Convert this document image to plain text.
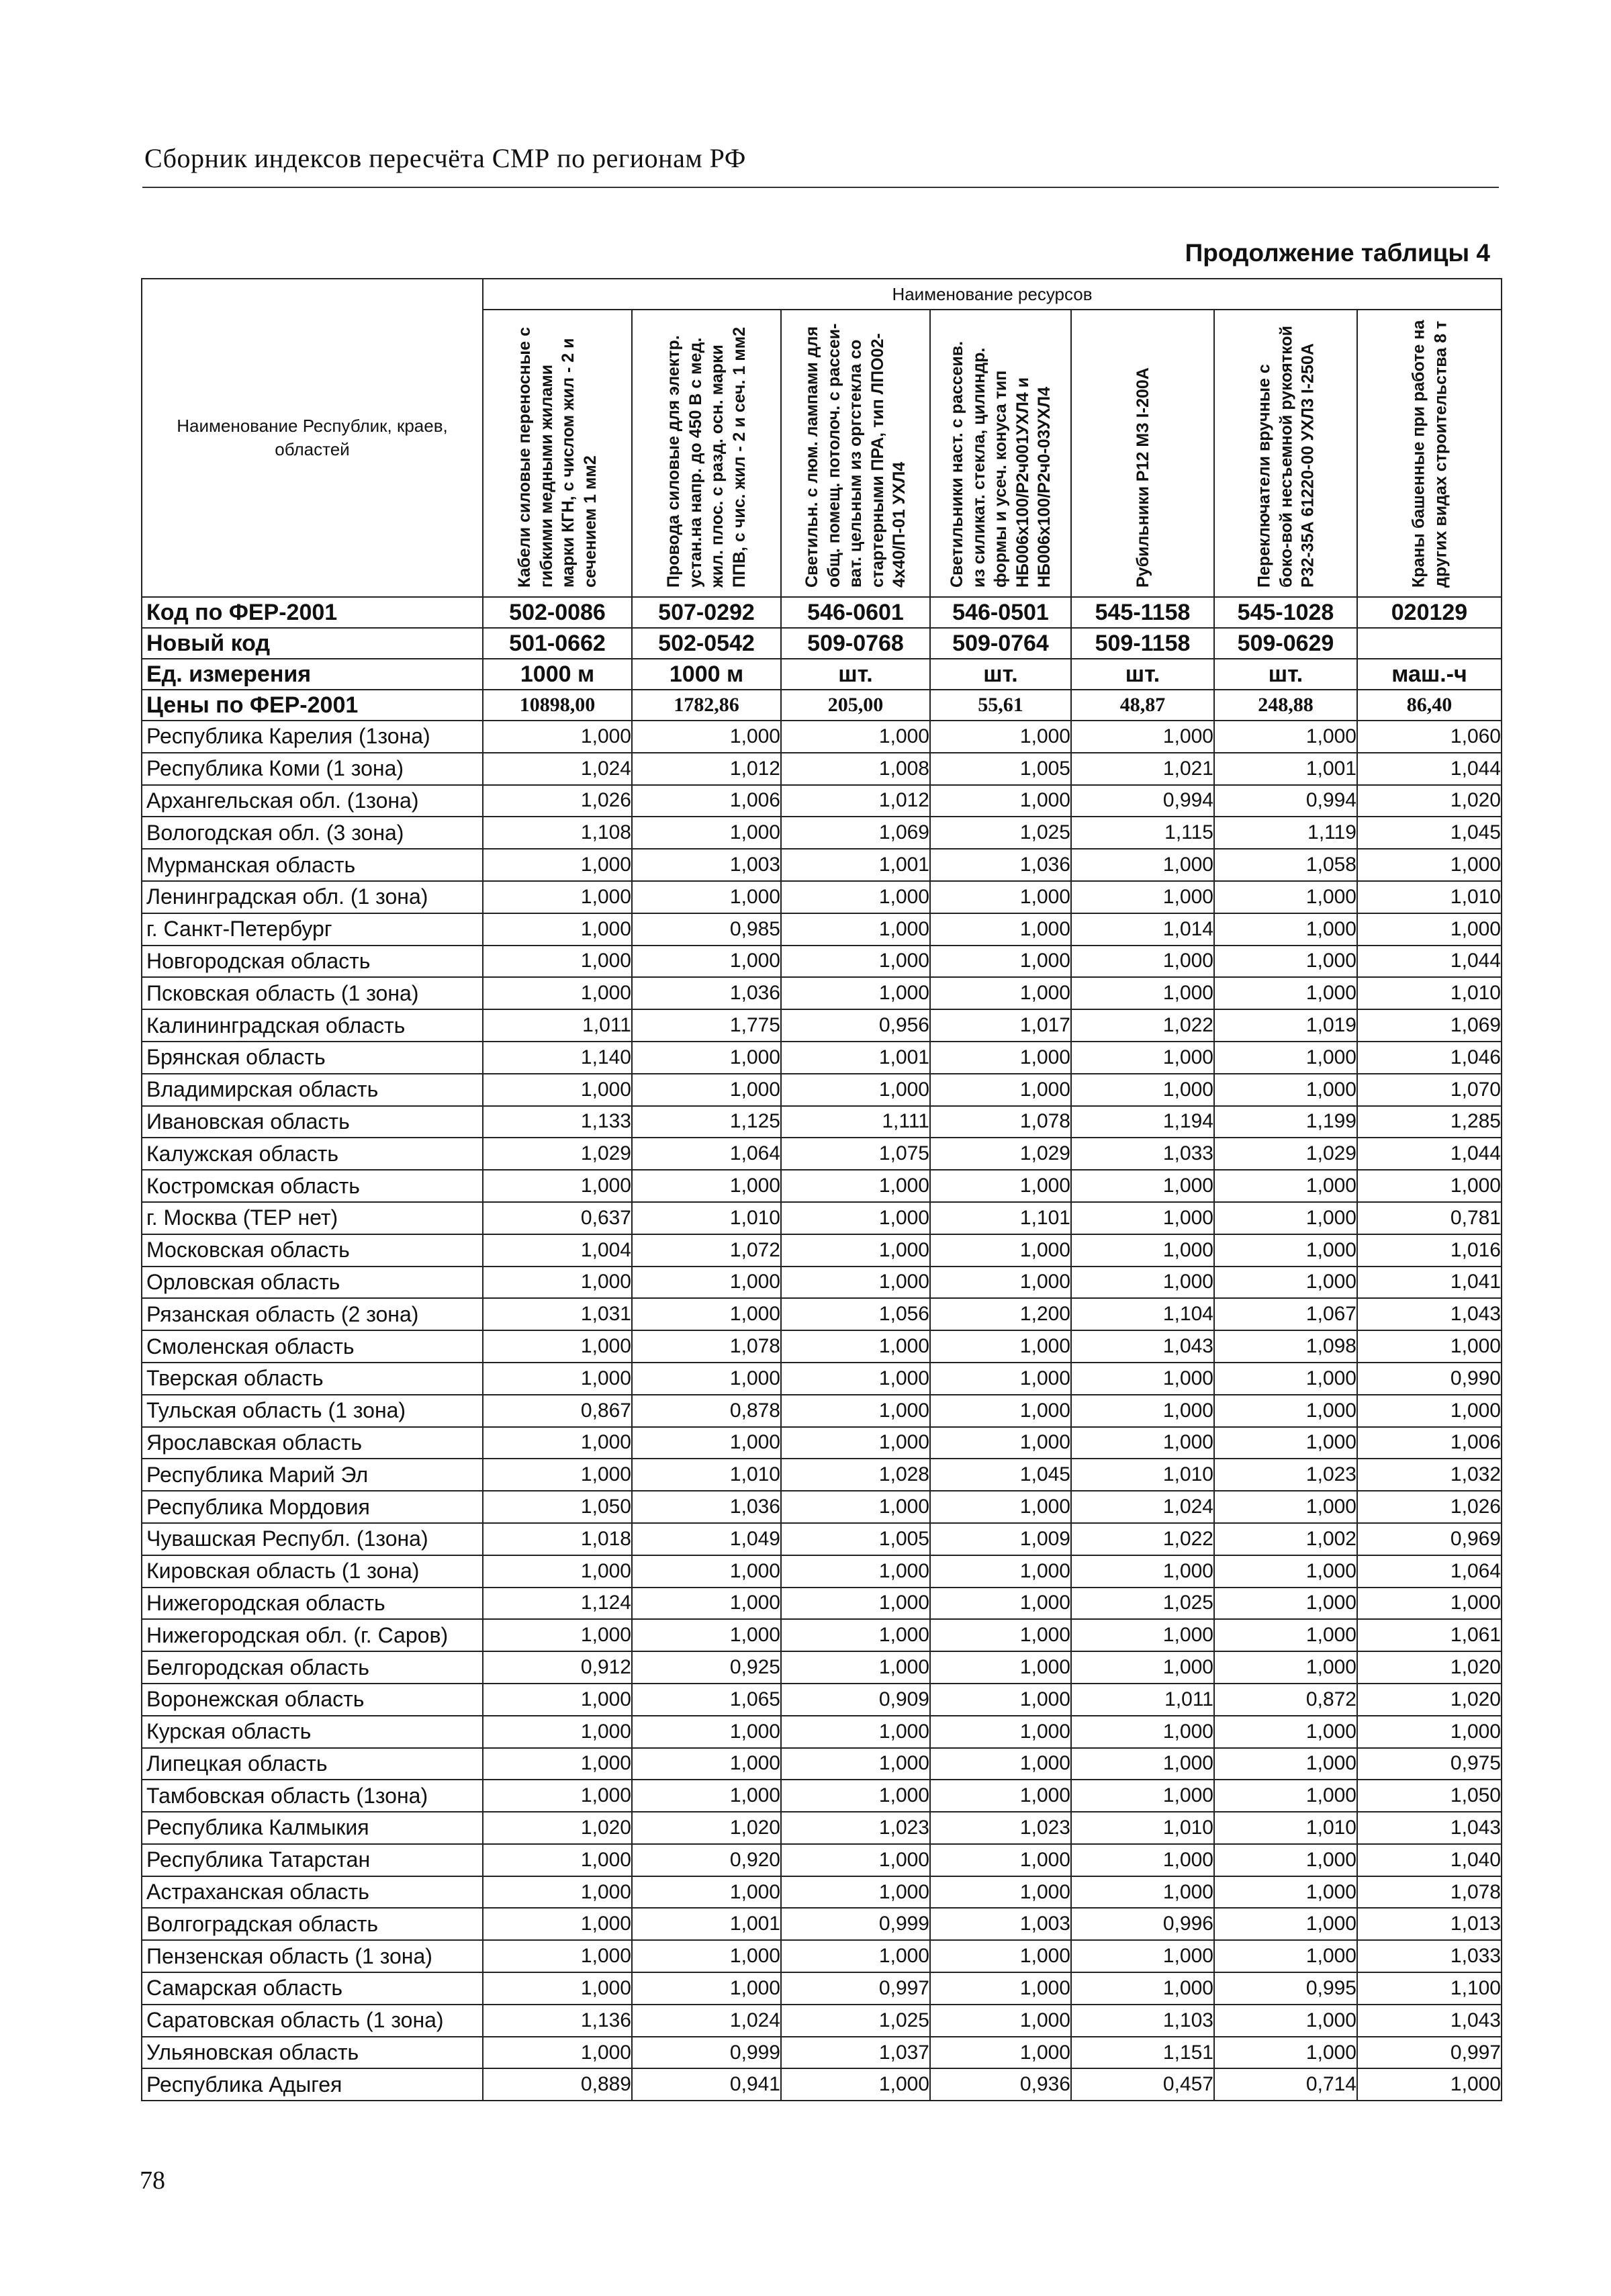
Сборник индексов пересчёта СМР по регионам РФ
Продолжение таблицы 4
Наименование Республик, краев, областей	Наименование ресурсов						

	Кабели силовые переносные с гибкими медными жилами марки КГН, с числом жил - 2 и сечением 1 мм2	Провода силовые для электр. устан.на напр. до 450 В с мед. жил. плос. с разд. осн. марки ППВ, с чис. жил - 2 и сеч. 1 мм2	Светильн. с люм. лампами для общ. помещ. потолоч. с рассеи-ват. цельным из оргстекла со стартерными ПРА, тип ЛПО02-4х40/П-01 УХЛ4	Светильники наст. с рассеив. из силикат. стекла, цилиндр. формы и усеч. конуса тип НБ006х100/Р2ч001УХЛ4 и НБ006х100/Р2ч0-03УХЛ4	Рубильники Р12 МЗ I-200А	Переключатели вручные с боко-вой несъемной рукояткой Р32-35А 61220-00 УХЛ3 I-250А	Краны башенные при работе на других видах строительства 8 т

Код по ФЕР-2001	502-0086	507-0292	546-0601	546-0501	545-1158	545-1028	020129
Новый код	501-0662	502-0542	509-0768	509-0764	509-1158	509-0629	
Ед. измерения	1000 м	1000 м	шт.	шт.	шт.	шт.	маш.-ч
Цены по ФЕР-2001	10898,00	1782,86	205,00	55,61	48,87	248,88	86,40
Республика Карелия (1зона)	1,000	1,000	1,000	1,000	1,000	1,000	1,060
Республика Коми (1 зона)	1,024	1,012	1,008	1,005	1,021	1,001	1,044
Архангельская обл. (1зона)	1,026	1,006	1,012	1,000	0,994	0,994	1,020
Вологодская обл. (3 зона)	1,108	1,000	1,069	1,025	1,115	1,119	1,045
Мурманская область	1,000	1,003	1,001	1,036	1,000	1,058	1,000
Ленинградская обл. (1 зона)	1,000	1,000	1,000	1,000	1,000	1,000	1,010
г. Санкт-Петербург	1,000	0,985	1,000	1,000	1,014	1,000	1,000
Новгородская область	1,000	1,000	1,000	1,000	1,000	1,000	1,044
Псковская область (1 зона)	1,000	1,036	1,000	1,000	1,000	1,000	1,010
Калининградская область	1,011	1,775	0,956	1,017	1,022	1,019	1,069
Брянская область	1,140	1,000	1,001	1,000	1,000	1,000	1,046
Владимирская область	1,000	1,000	1,000	1,000	1,000	1,000	1,070
Ивановская область	1,133	1,125	1,111	1,078	1,194	1,199	1,285
Калужская область	1,029	1,064	1,075	1,029	1,033	1,029	1,044
Костромская область	1,000	1,000	1,000	1,000	1,000	1,000	1,000
г. Москва (ТЕР нет)	0,637	1,010	1,000	1,101	1,000	1,000	0,781
Московская область	1,004	1,072	1,000	1,000	1,000	1,000	1,016
Орловская область	1,000	1,000	1,000	1,000	1,000	1,000	1,041
Рязанская область (2 зона)	1,031	1,000	1,056	1,200	1,104	1,067	1,043
Смоленская область	1,000	1,078	1,000	1,000	1,043	1,098	1,000
Тверская область	1,000	1,000	1,000	1,000	1,000	1,000	0,990
Тульская область (1 зона)	0,867	0,878	1,000	1,000	1,000	1,000	1,000
Ярославская область	1,000	1,000	1,000	1,000	1,000	1,000	1,006
Республика Марий Эл	1,000	1,010	1,028	1,045	1,010	1,023	1,032
Республика Мордовия	1,050	1,036	1,000	1,000	1,024	1,000	1,026
Чувашская Республ. (1зона)	1,018	1,049	1,005	1,009	1,022	1,002	0,969
Кировская область (1 зона)	1,000	1,000	1,000	1,000	1,000	1,000	1,064
Нижегородская область	1,124	1,000	1,000	1,000	1,025	1,000	1,000
Нижегородская обл. (г. Саров)	1,000	1,000	1,000	1,000	1,000	1,000	1,061
Белгородская область	0,912	0,925	1,000	1,000	1,000	1,000	1,020
Воронежская область	1,000	1,065	0,909	1,000	1,011	0,872	1,020
Курская область	1,000	1,000	1,000	1,000	1,000	1,000	1,000
Липецкая область	1,000	1,000	1,000	1,000	1,000	1,000	0,975
Тамбовская область (1зона)	1,000	1,000	1,000	1,000	1,000	1,000	1,050
Республика Калмыкия	1,020	1,020	1,023	1,023	1,010	1,010	1,043
Республика Татарстан	1,000	0,920	1,000	1,000	1,000	1,000	1,040
Астраханская область	1,000	1,000	1,000	1,000	1,000	1,000	1,078
Волгоградская область	1,000	1,001	0,999	1,003	0,996	1,000	1,013
Пензенская область (1 зона)	1,000	1,000	1,000	1,000	1,000	1,000	1,033
Самарская область	1,000	1,000	0,997	1,000	1,000	0,995	1,100
Саратовская область (1 зона)	1,136	1,024	1,025	1,000	1,103	1,000	1,043
Ульяновская область	1,000	0,999	1,037	1,000	1,151	1,000	0,997
Республика Адыгея	0,889	0,941	1,000	0,936	0,457	0,714	1,000
78
